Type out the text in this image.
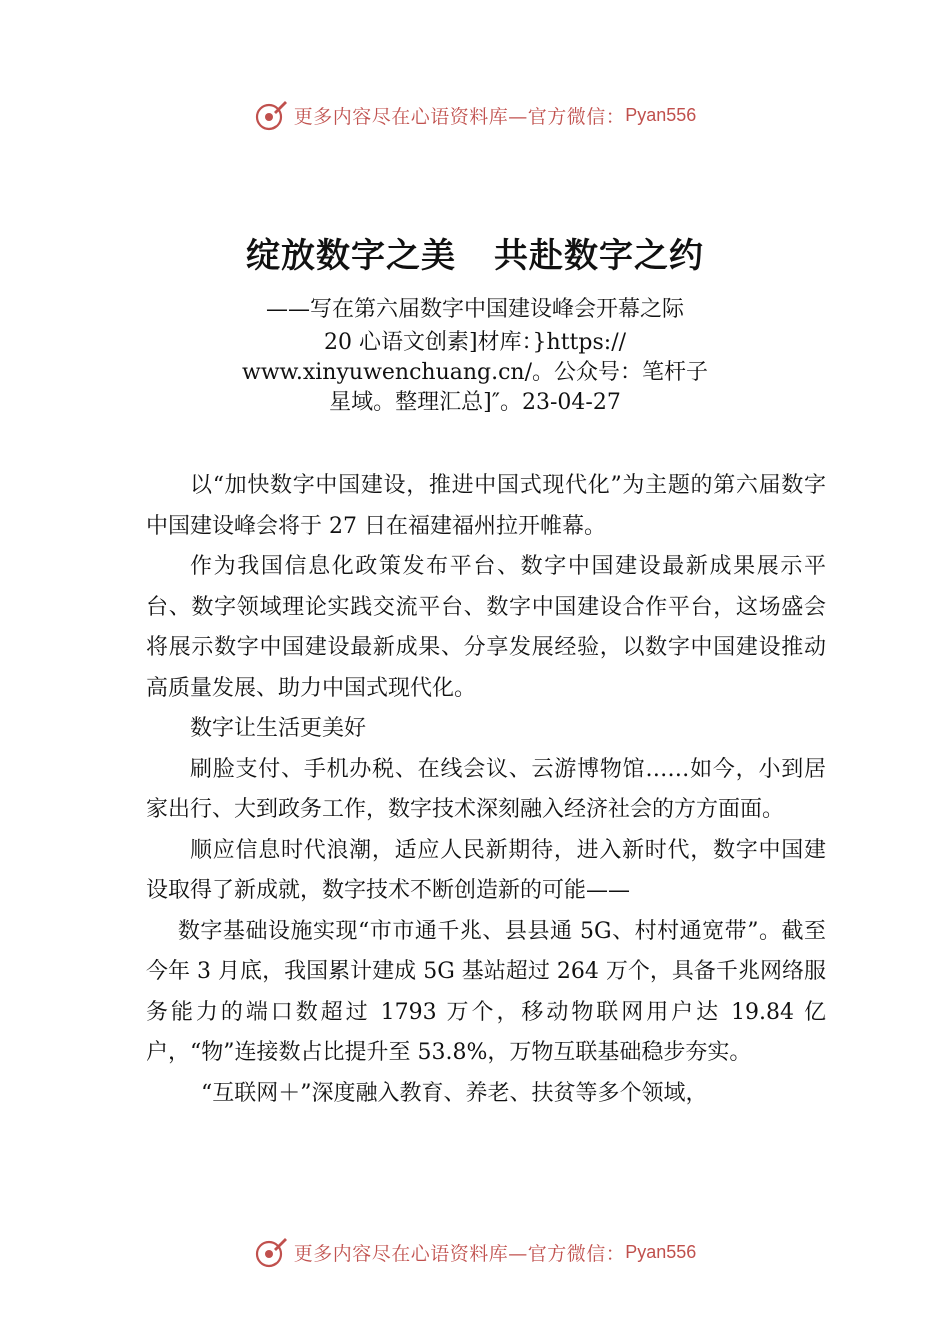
更多内容尽在心语资料库—官方微信： Pyan556
绽放数字之美 共赴数字之约
——写在第六届数字中国建设峰会开幕之际
20 心语文创素]材库：}https://
www.xinyuwenchuang.cn/。公众号：笔杆子
星域。整理汇总]″。23-04-27

以“加快数字中国建设，推进中国式现代化”为主题的第六届数字中国建设峰会将于 27 日在福建福州拉开帷幕。

作为我国信息化政策发布平台、数字中国建设最新成果展示平台、数字领域理论实践交流平台、数字中国建设合作平台，这场盛会将展示数字中国建设最新成果、分享发展经验，以数字中国建设推动高质量发展、助力中国式现代化。

数字让生活更美好

刷脸支付、手机办税、在线会议、云游博物馆……如今，小到居家出行、大到政务工作，数字技术深刻融入经济社会的方方面面。

顺应信息时代浪潮，适应人民新期待，进入新时代，数字中国建设取得了新成就，数字技术不断创造新的可能——

数字基础设施实现“市市通千兆、县县通 5G、村村通宽带”。截至今年 3 月底，我国累计建成 5G 基站超过 264 万个，具备千兆网络服务能力的端口数超过 1793 万个，移动物联网用户达 19.84 亿户，“物”连接数占比提升至 53.8%，万物互联基础稳步夯实。

“互联网＋”深度融入教育、养老、扶贫等多个领域，

更多内容尽在心语资料库—官方微信： Pyan556
